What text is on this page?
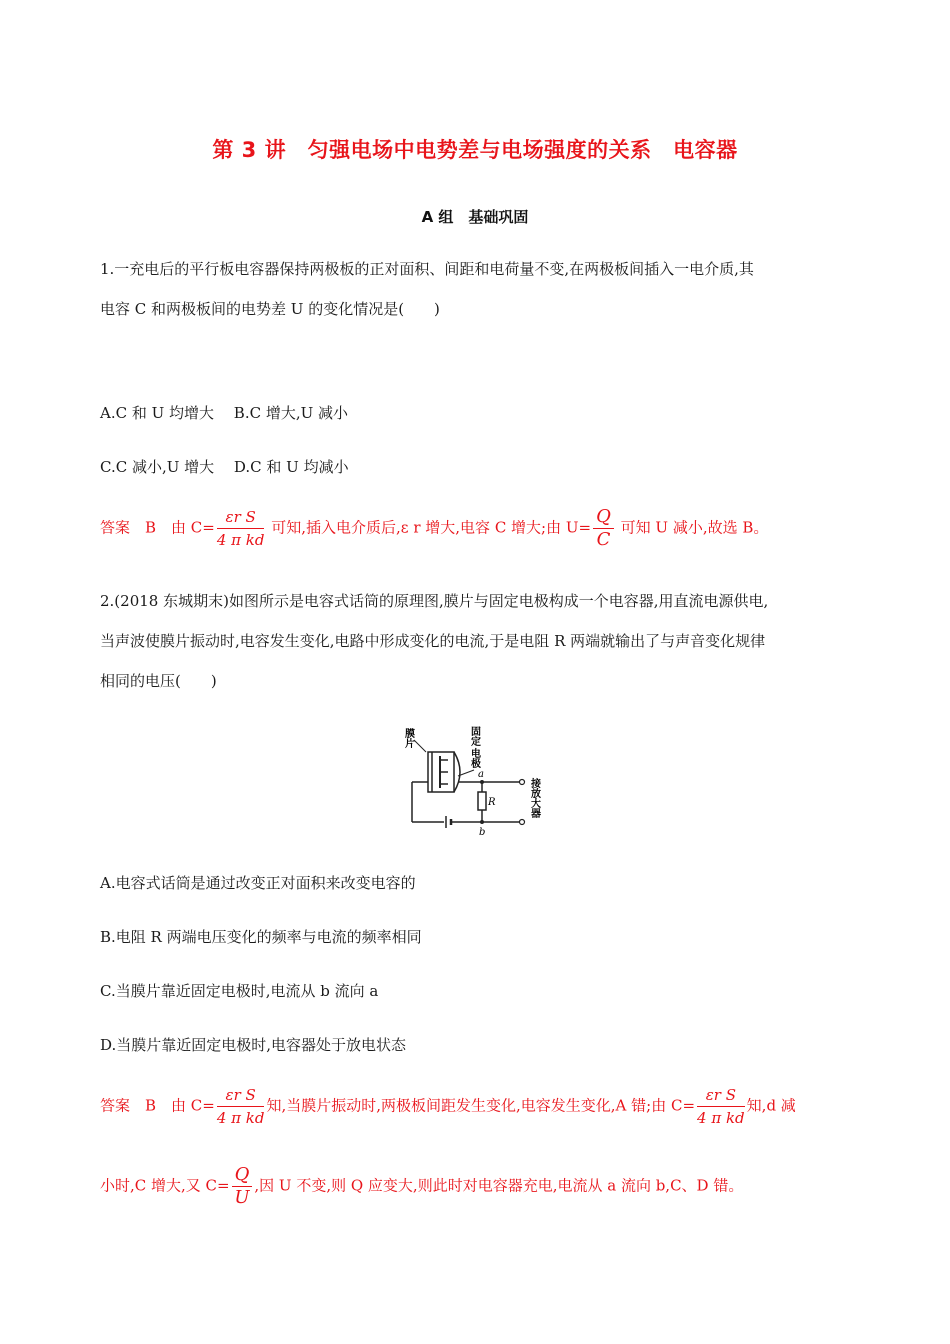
第 3 讲　匀强电场中电势差与电场强度的关系　电容器
A 组　基础巩固
1.一充电后的平行板电容器保持两极板的正对面积、间距和电荷量不变,在两极板间插入一电介质,其
电容 C 和两极板间的电势差 U 的变化情况是(　　)
A.C 和 U 均增大　 B.C 增大,U 减小
C.C 减小,U 增大　 D.C 和 U 均减小
答案　B　由 $C= \frac{\text{εr S}}{\text{4 π kd}}$ 可知,插入电介质后,ε r 增大,电容 C 增大;由 $U= \frac{Q}{C}$ 可知 U 减小,故选 B。
2.(2018 东城期末)如图所示是电容式话筒的原理图,膜片与固定电极构成一个电容器,用直流电源供电,
当声波使膜片振动时,电容发生变化,电路中形成变化的电流,于是电阻 R 两端就输出了与声音变化规律
相同的电压(　　)
膜片	固定
电极
a
R
b
接放大器
A.电容式话筒是通过改变正对面积来改变电容的
B.电阻 R 两端电压变化的频率与电流的频率相同
C.当膜片靠近固定电极时,电流从 b 流向 a
D.当膜片靠近固定电极时,电容器处于放电状态
答案　B　由 $C= \frac{\text{εr S}}{\text{4 π kd}}$ 知,当膜片振动时,两极板间距发生变化,电容发生变化,A 错;由 $C= \frac{\text{εr S}}{\text{4 π kd}}$ 知,d 减
小时,C 增大,又 $C= \frac{Q}{U}$ ,因 U 不变,则 Q 应变大,则此时对电容器充电,电流从 a 流向 b,C、D 错。
